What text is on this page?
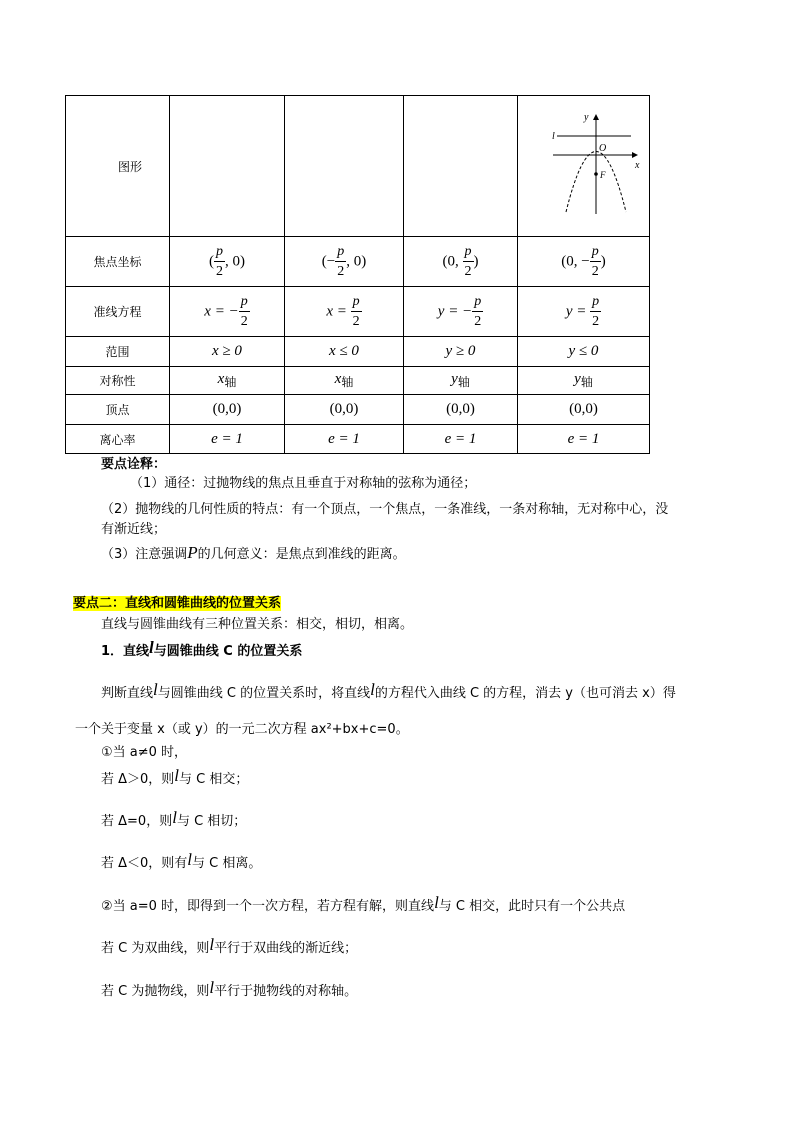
图形				y
x
l
O
F

焦点坐标	( $\frac{p}{2}$ , 0)	(− $\frac{p}{2}$ , 0)	(0, $\frac{p}{2}$ )	(0, − $\frac{p}{2}$ )
准线方程	x = − $\frac{p}{2}$	$x = \frac{p}{2}$	y = − $\frac{p}{2}$	$y = \frac{p}{2}$

范围	x ≥ 0	x ≤ 0	y ≥ 0	y ≤ 0
对称性	x轴	x轴	y轴	y轴
顶点	(0,0)	(0,0)	(0,0)	(0,0)
离心率	e = 1	e = 1	e = 1	e = 1
要点诠释：
（1）通径：过抛物线的焦点且垂直于对称轴的弦称为通径；
（2）抛物线的几何性质的特点：有一个顶点，一个焦点，一条准线，一条对称轴，无对称中心，没
有渐近线；
（3）注意强调P的几何意义：是焦点到准线的距离。
要点二：直线和圆锥曲线的位置关系
直线与圆锥曲线有三种位置关系：相交，相切，相离。
1．直线l与圆锥曲线 C 的位置关系
判断直线l与圆锥曲线 C 的位置关系时，将直线l的方程代入曲线 C 的方程，消去 y（也可消去 x）得
一个关于变量 x（或 y）的一元二次方程 ax²+bx+c=0。
①当 a≠0 时，
若 Δ＞0，则l与 C 相交；
若 Δ=0，则l与 C 相切；
若 Δ＜0，则有l与 C 相离。
②当 a=0 时，即得到一个一次方程，若方程有解，则直线l与 C 相交，此时只有一个公共点
若 C 为双曲线，则l平行于双曲线的渐近线；
若 C 为抛物线，则l平行于抛物线的对称轴。
